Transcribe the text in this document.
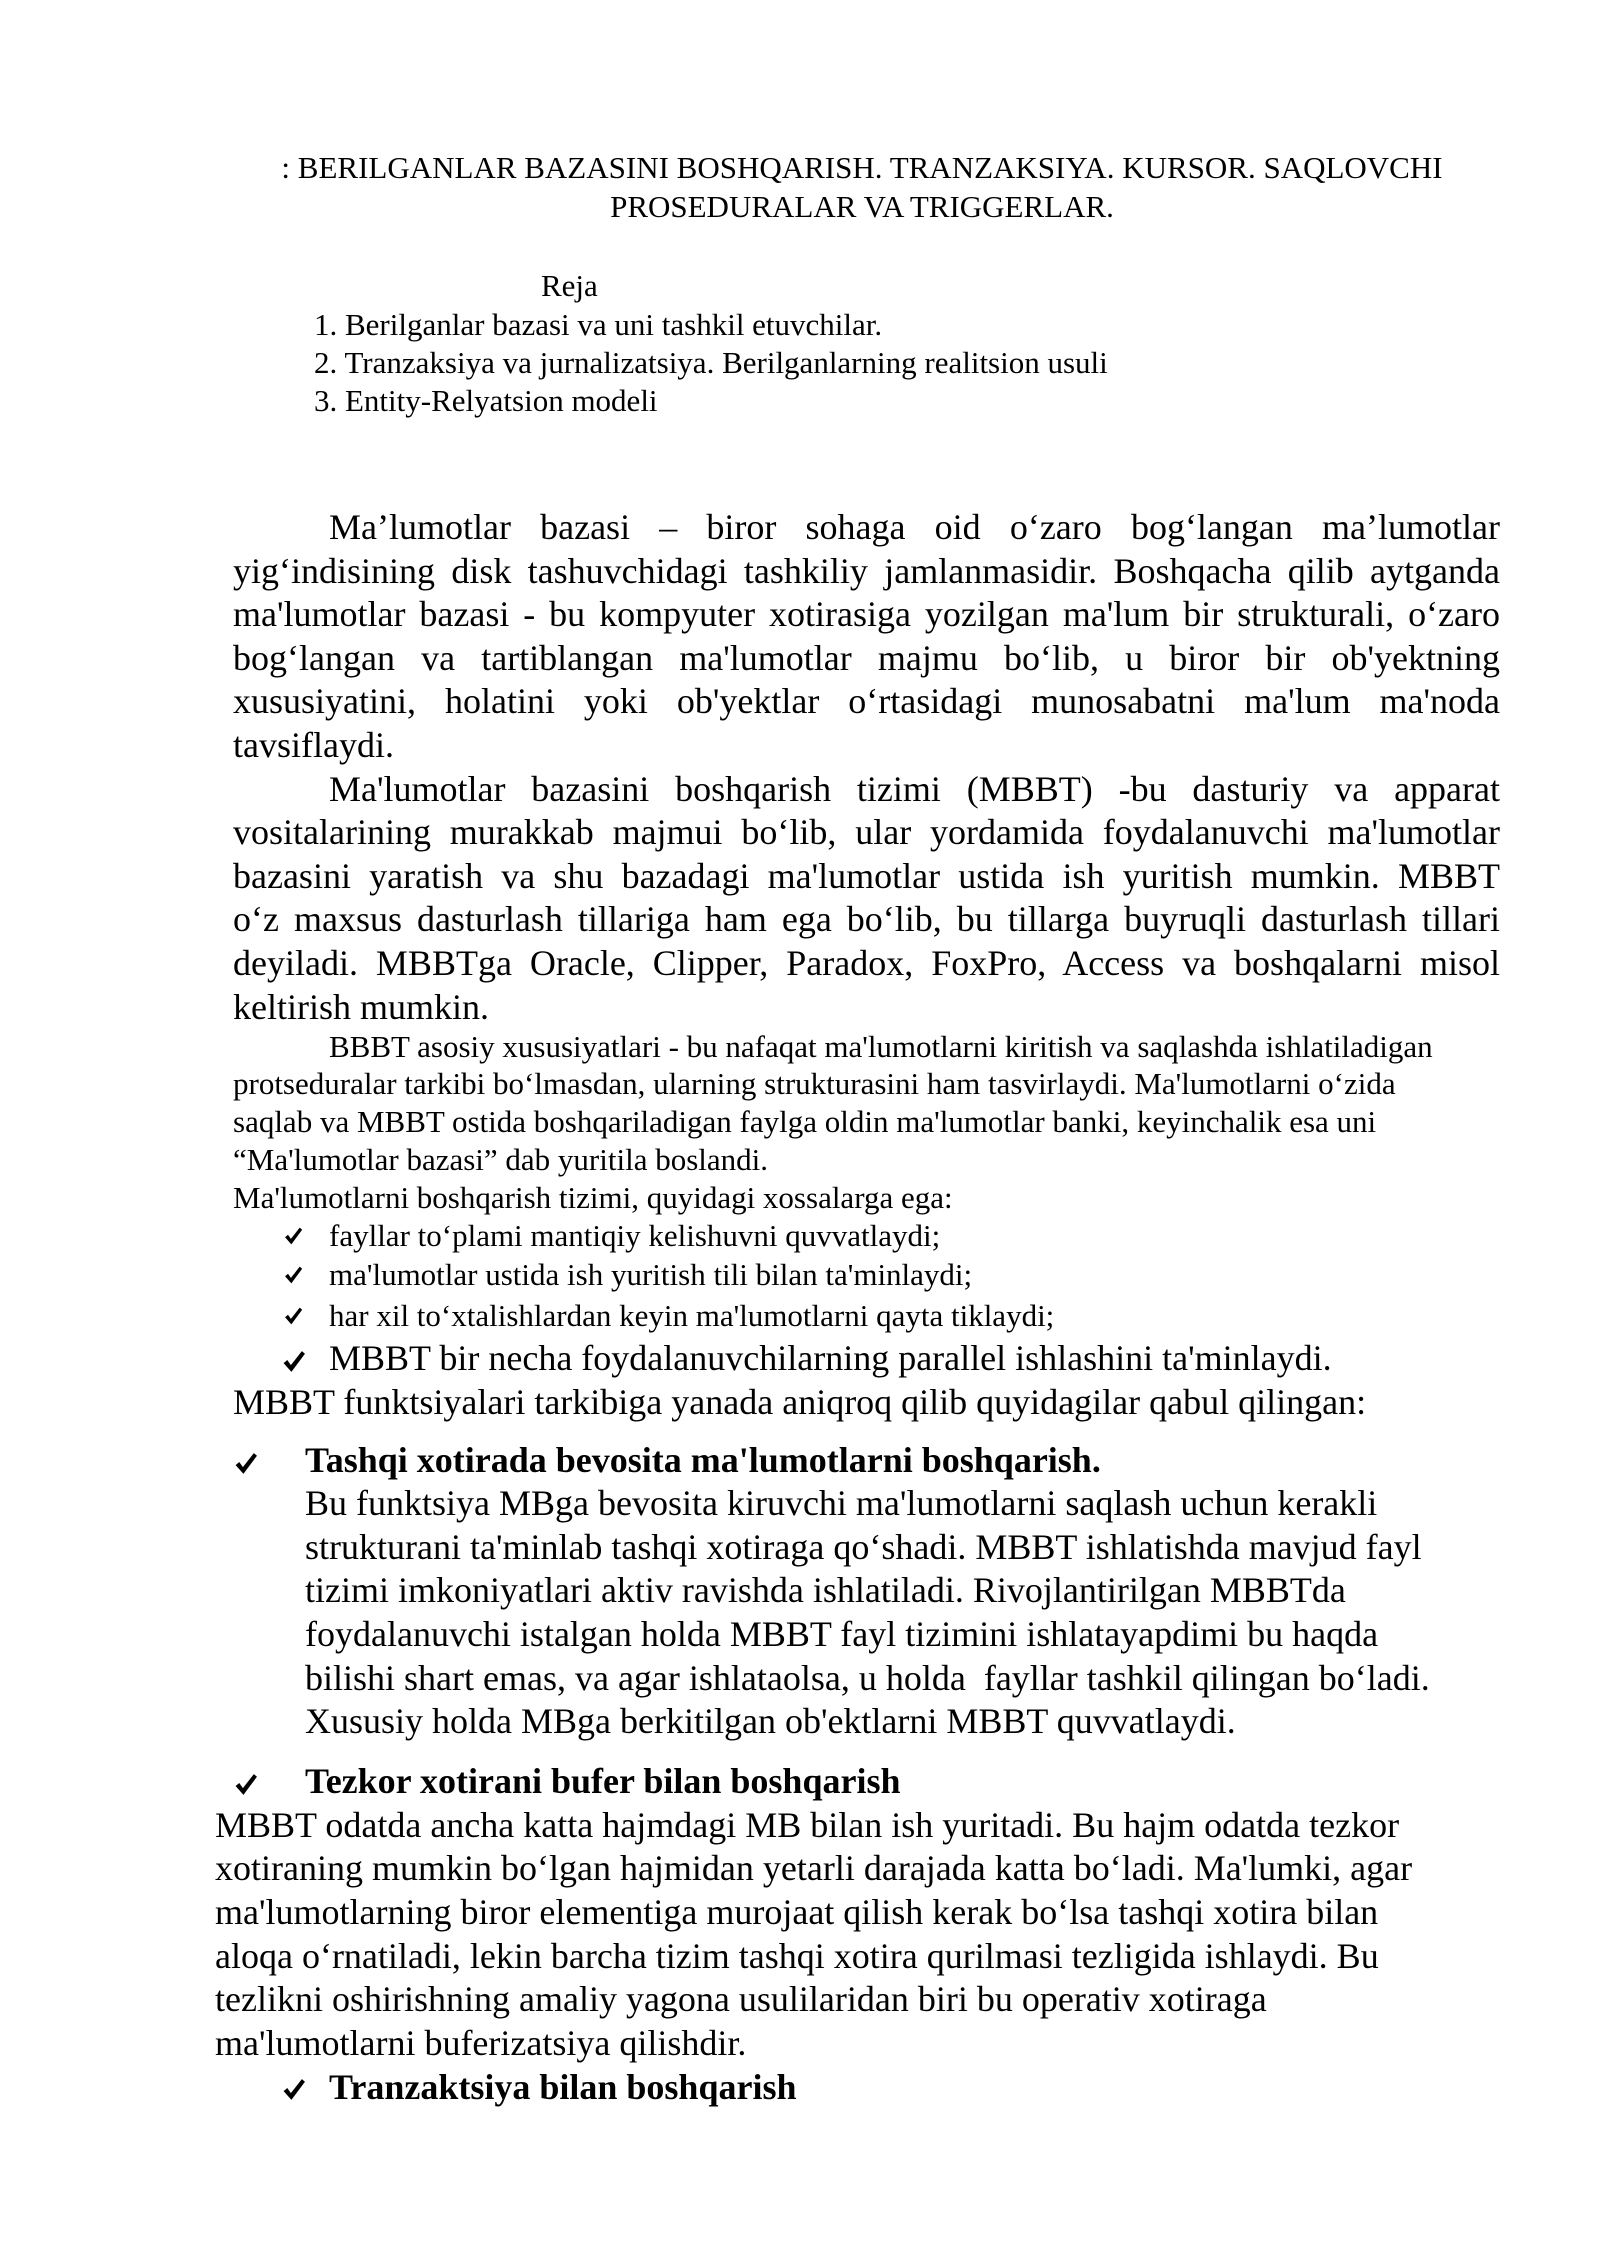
: BERILGANLAR BAZASINI BOSHQARISH. TRANZAKSIYA. KURSOR. SAQLOVCHI
PROSEDURALAR VA TRIGGERLAR.
Reja
1. Berilganlar bazasi va uni tashkil etuvchilar.
2. Tranzaksiya va jurnalizatsiya. Berilganlarning realitsion usuli
3. Entity-Relyatsion modeli
Ma’lumotlar bazasi – biror sohaga oid o‘zaro bog‘langan ma’lumotlar
yig‘indisining disk tashuvchidagi tashkiliy jamlanmasidir. Boshqacha qilib aytganda
ma'lumotlar bazasi - bu kompyuter xotirasiga yozilgan ma'lum bir strukturali, o‘zaro
bog‘langan va tartiblangan ma'lumotlar majmu bo‘lib, u biror bir ob'yektning
xususiyatini, holatini yoki ob'yektlar o‘rtasidagi munosabatni ma'lum ma'noda
tavsiflaydi.
Ma'lumotlar bazasini boshqarish tizimi (MBBT) -bu dasturiy va apparat
vositalarining murakkab majmui bo‘lib, ular yordamida foydalanuvchi ma'lumotlar
bazasini yaratish va shu bazadagi ma'lumotlar ustida ish yuritish mumkin. MBBT
o‘z maxsus dasturlash tillariga ham ega bo‘lib, bu tillarga buyruqli dasturlash tillari
deyiladi. MBBTga Oracle, Clipper, Paradox, FoxPro, Access va boshqalarni misol
keltirish mumkin.
BBBT asosiy xususiyatlari - bu nafaqat ma'lumotlarni kiritish va saqlashda ishlatiladigan
protseduralar tarkibi bo‘lmasdan, ularning strukturasini ham tasvirlaydi. Ma'lumotlarni o‘zida
saqlab va MBBT ostida boshqariladigan faylga oldin ma'lumotlar banki, keyinchalik esa uni
“Ma'lumotlar bazasi” dab yuritila boslandi.
Ma'lumotlarni boshqarish tizimi, quyidagi xossalarga ega:
fayllar to‘plami mantiqiy kelishuvni quvvatlaydi;
ma'lumotlar ustida ish yuritish tili bilan ta'minlaydi;
har xil to‘xtalishlardan keyin ma'lumotlarni qayta tiklaydi;
MBBT bir necha foydalanuvchilarning parallel ishlashini ta'minlaydi.
MBBT funktsiyalari tarkibiga yanada aniqroq qilib quyidagilar qabul qilingan:
Tashqi xotirada bevosita ma'lumotlarni boshqarish.
Bu funktsiya MBga bevosita kiruvchi ma'lumotlarni saqlash uchun kerakli
strukturani ta'minlab tashqi xotiraga qo‘shadi. MBBT ishlatishda mavjud fayl
tizimi imkoniyatlari aktiv ravishda ishlatiladi. Rivojlantirilgan MBBTda
foydalanuvchi istalgan holda MBBT fayl tizimini ishlatayapdimi bu haqda
bilishi shart emas, va agar ishlataolsa, u holda  fayllar tashkil qilingan bo‘ladi.
Xususiy holda MBga berkitilgan ob'ektlarni MBBT quvvatlaydi.
Tezkor xotirani bufer bilan boshqarish
MBBT odatda ancha katta hajmdagi MB bilan ish yuritadi. Bu hajm odatda tezkor
xotiraning mumkin bo‘lgan hajmidan yetarli darajada katta bo‘ladi. Ma'lumki, agar
ma'lumotlarning biror elementiga murojaat qilish kerak bo‘lsa tashqi xotira bilan
aloqa o‘rnatiladi, lekin barcha tizim tashqi xotira qurilmasi tezligida ishlaydi. Bu
tezlikni oshirishning amaliy yagona usulilaridan biri bu operativ xotiraga
ma'lumotlarni buferizatsiya qilishdir.
Tranzaktsiya bilan boshqarish
